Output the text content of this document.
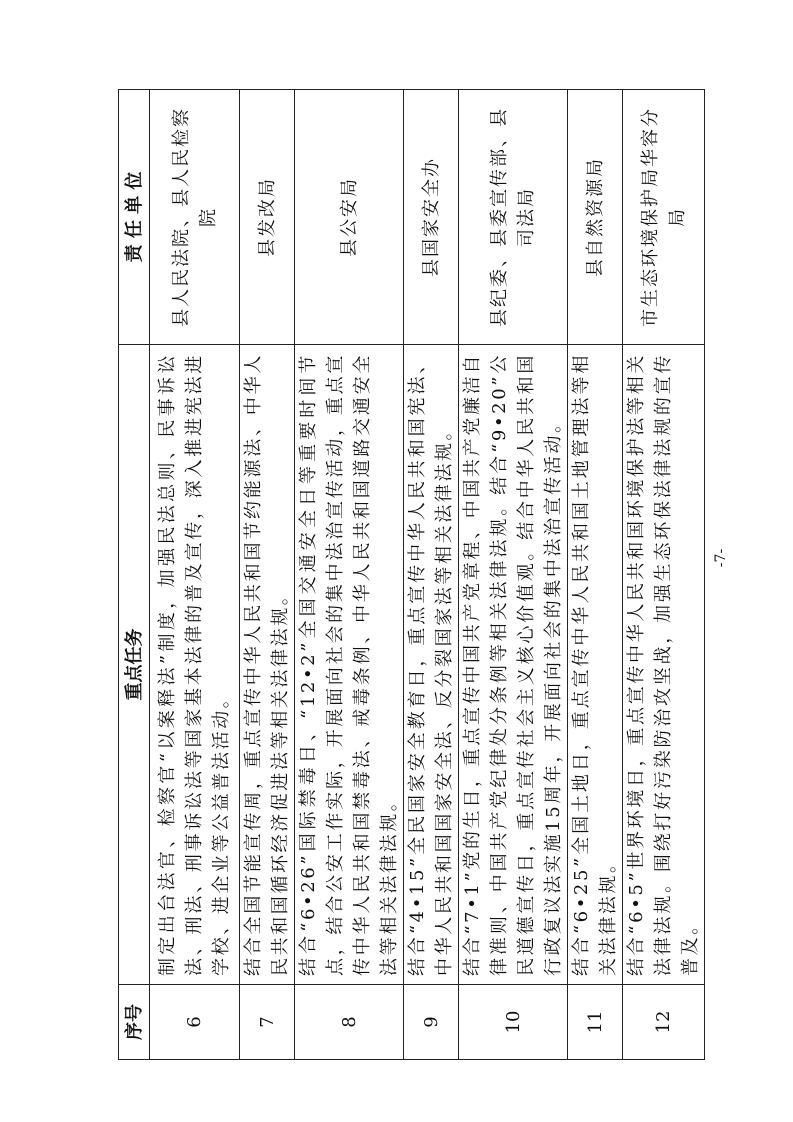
序号	重点任务	责 任 单 位
6	制定出台法官、检察官“以案释法”制度，加强民法总则、民事诉讼法、刑法、刑事诉讼法等国家基本法律的普及宣传，深入推进宪法进学校、进企业等公益普法活动。	县人民法院、县人民检察院
7	结合全国节能宣传周，重点宣传中华人民共和国节约能源法、中华人民共和国循环经济促进法等相关法律法规。	县发改局
8	结合“6•26”国际禁毒日、“12•2”全国交通安全日等重要时间节点，结合公安工作实际，开展面向社会的集中法治宣传活动，重点宣传中华人民共和国禁毒法、戒毒条例、中华人民共和国道路交通安全法等相关法律法规。	县公安局
9	结合“4•15”全民国家安全教育日，重点宣传中华人民共和国宪法、中华人民共和国国家安全法、反分裂国家法等相关法律法规。	县国家安全办
10	结合“7•1”党的生日，重点宣传中国共产党章程、中国共产党廉洁自律准则、中国共产党纪律处分条例等相关法律法规。结合“9•20”公民道德宣传日，重点宣传社会主义核心价值观。结合中华人民共和国行政复议法实施15周年，开展面向社会的集中法治宣传活动。	县纪委、县委宣传部、县司法局
11	结合“6•25”全国土地日，重点宣传中华人民共和国土地管理法等相关法律法规。	县自然资源局
12	结合“6•5”世界环境日，重点宣传中华人民共和国环境保护法等相关法律法规。围绕打好污染防治攻坚战，加强生态环保法律法规的宣传普及。	市生态环境保护局华容分局
-7-
